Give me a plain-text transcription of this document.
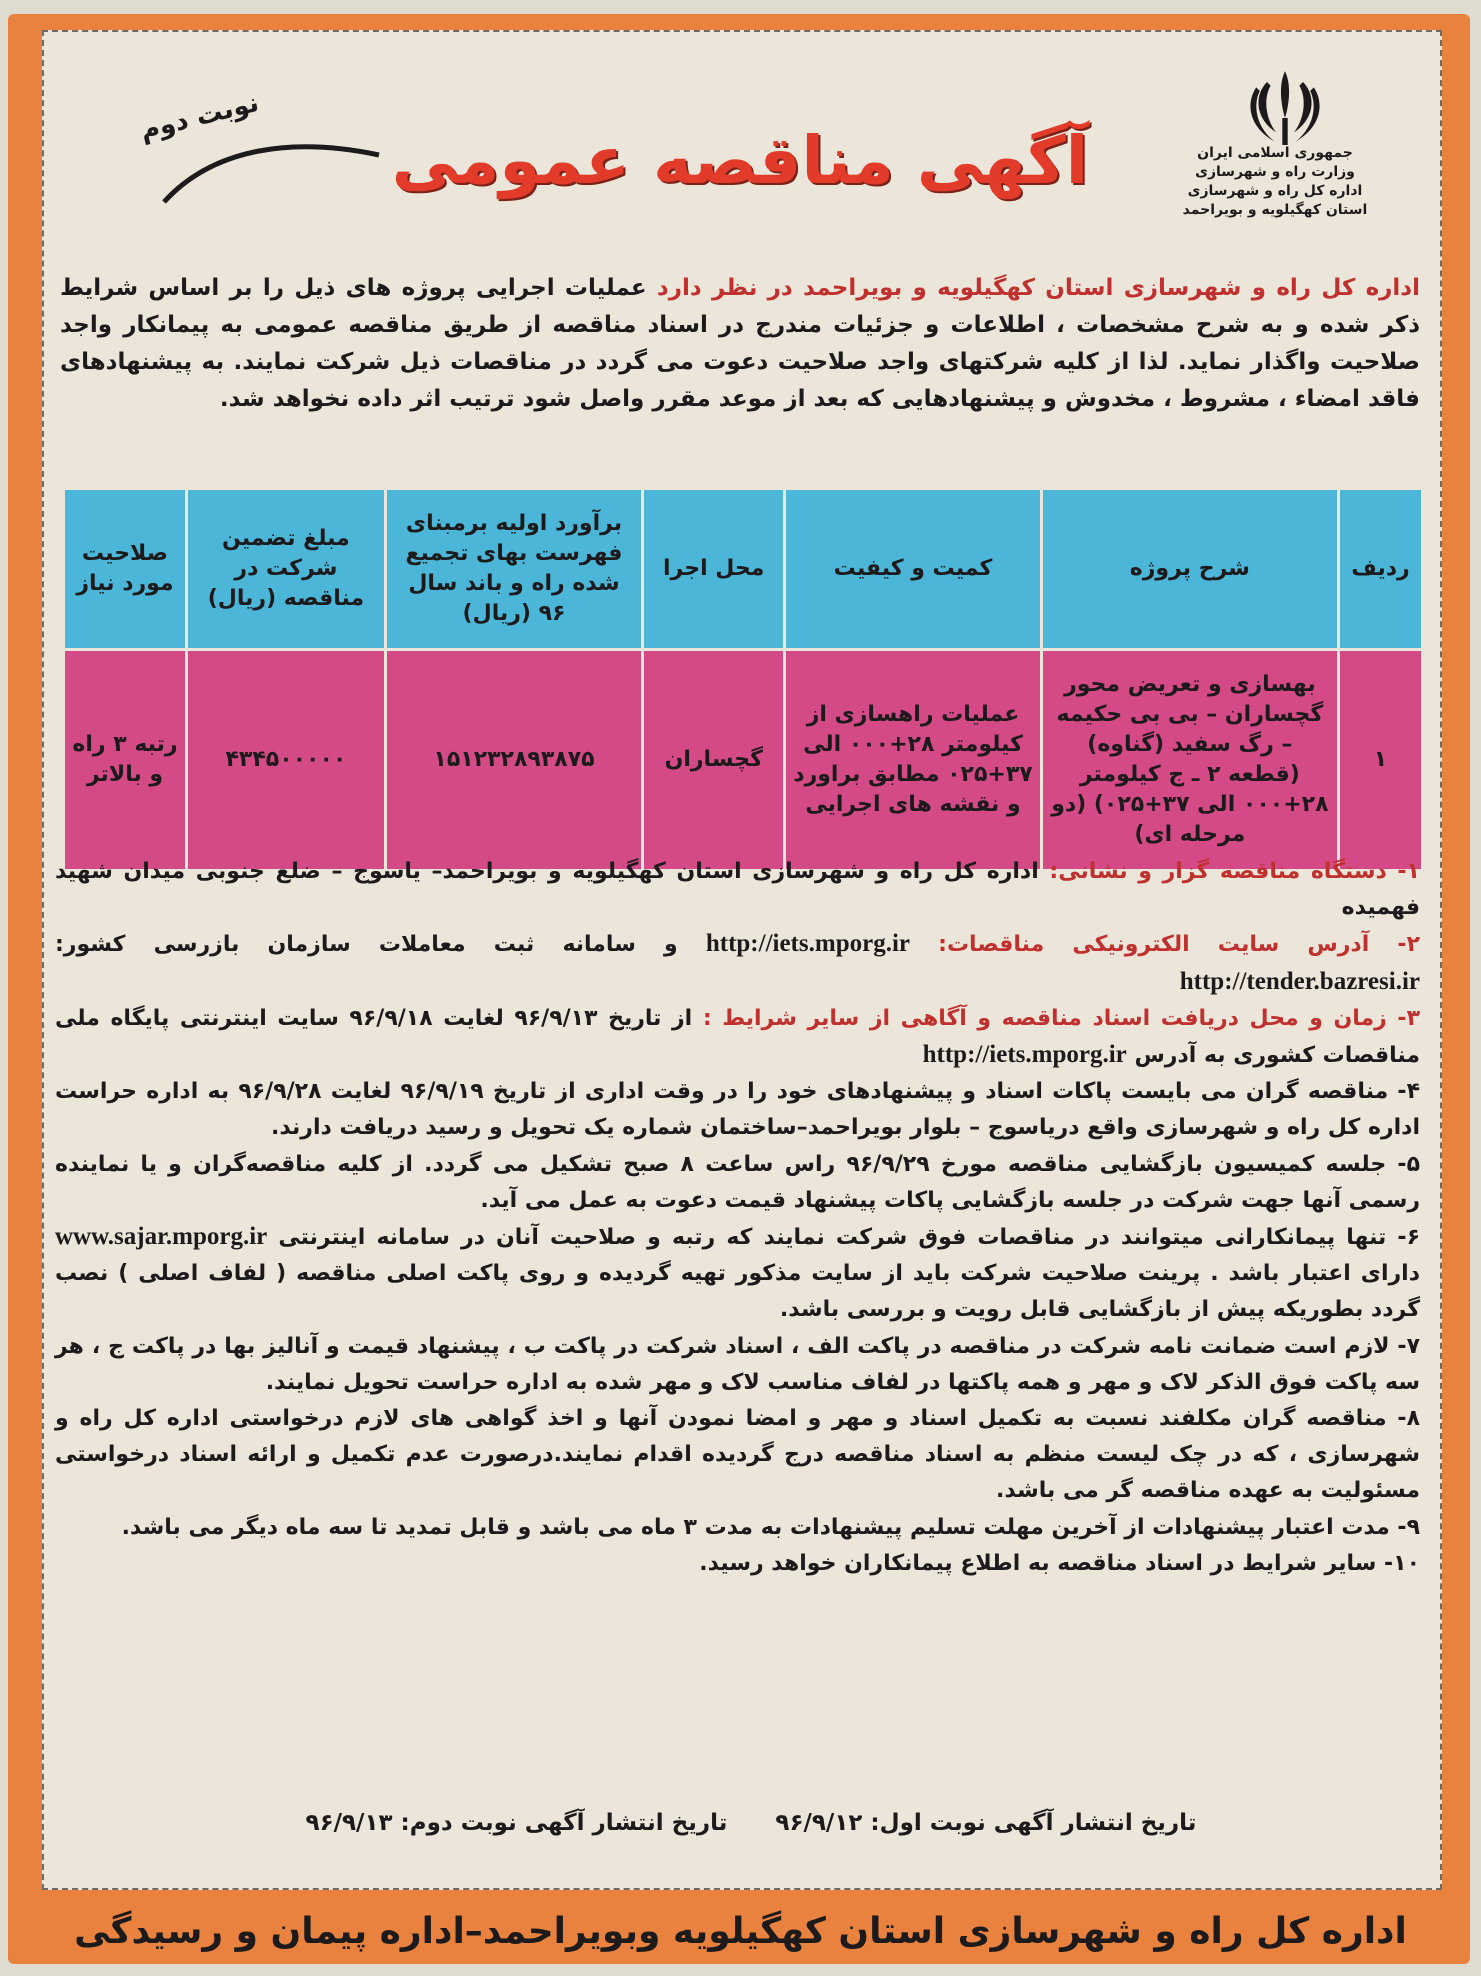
جمهوری اسلامی ایران
وزارت راه و شهرسازی
اداره کل راه و شهرسازی
استان کهگیلویه و بویراحمد
آگهی مناقصه عمومی
نوبت دوم
اداره کل راه و شهرسازی استان کهگیلویه و بویراحمد در نظر دارد عملیات اجرایی پروژه های ذیل را بر اساس شرایط ذکر شده و به شرح مشخصات ، اطلاعات و جزئیات مندرج در اسناد مناقصه از طریق مناقصه عمومی به پیمانکار واجد صلاحیت واگذار نماید. لذا از کلیه شرکتهای واجد صلاحیت دعوت می گردد در مناقصات ذیل شرکت نمایند. به پیشنهادهای فاقد امضاء ، مشروط ، مخدوش و پیشنهادهایی که بعد از موعد مقرر واصل شود ترتیب اثر داده نخواهد شد.
ردیف	شرح پروژه	کمیت و کیفیت	محل اجرا	برآورد اولیه برمبنای فهرست بهای تجمیع شده راه و باند سال ۹۶ (ریال)	مبلغ تضمین شرکت در مناقصه (ریال)	صلاحیت مورد نیاز
۱	بهسازی و تعریض محور گچساران – بی بی حکیمه – رگ سفید (گناوه) (قطعه ۲ ـ ج کیلومتر ۲۸+۰۰۰ الی ۳۷+۰۲۵) (دو مرحله ای)	عملیات راهسازی از کیلومتر ۲۸+۰۰۰ الی ۳۷+۰۲۵ مطابق براورد و نقشه های اجرایی	گچساران	۱۵۱۲۳۲۸۹۳۸۷۵	۴۳۴۵۰۰۰۰۰	رتبه ۳ راه و بالاتر

۱- دستگاه مناقصه گزار و نشانی: اداره کل راه و شهرسازی استان کهگیلویه و بویراحمد– یاسوج – ضلع جنوبی میدان شهید فهمیده

۲- آدرس سایت الکترونیکی مناقصات: http://iets.mporg.ir و سامانه ثبت معاملات سازمان بازرسی کشور: http://tender.bazresi.ir

۳- زمان و محل دریافت اسناد مناقصه و آگاهی از سایر شرایط : از تاریخ ۹۶/۹/۱۳ لغایت ۹۶/۹/۱۸ سایت اینترنتی پایگاه ملی مناقصات کشوری به آدرس http://iets.mporg.ir

۴- مناقصه گران می بایست پاکات اسناد و پیشنهادهای خود را در وقت اداری از تاریخ ۹۶/۹/۱۹ لغایت ۹۶/۹/۲۸ به اداره حراست اداره کل راه و شهرسازی واقع دریاسوج – بلوار بویراحمد–ساختمان شماره یک تحویل و رسید دریافت دارند.

۵- جلسه کمیسیون بازگشایی مناقصه مورخ ۹۶/۹/۲۹ راس ساعت ۸ صبح تشکیل می گردد. از کلیه مناقصه‌گران و یا نماینده رسمی آنها جهت شرکت در جلسه بازگشایی پاکات پیشنهاد قیمت دعوت به عمل می آید.

۶- تنها پیمانکارانی میتوانند در مناقصات فوق شرکت نمایند که رتبه و صلاحیت آنان در سامانه اینترنتی www.sajar.mporg.ir دارای اعتبار باشد . پرینت صلاحیت شرکت باید از سایت مذکور تهیه گردیده و روی پاکت اصلی مناقصه ( لفاف اصلی ) نصب گردد بطوریکه پیش از بازگشایی قابل رویت و بررسی باشد.

۷- لازم است ضمانت نامه شرکت در مناقصه در پاکت الف ، اسناد شرکت در پاکت ب ، پیشنهاد قیمت و آنالیز بها در پاکت ج ، هر سه پاکت فوق الذکر لاک و مهر و همه پاکتها در لفاف مناسب لاک و مهر شده به اداره حراست تحویل نمایند.

۸- مناقصه گران مکلفند نسبت به تکمیل اسناد و مهر و امضا نمودن آنها و اخذ گواهی های لازم درخواستی اداره کل راه و شهرسازی ، که در چک لیست منظم به اسناد مناقصه درج گردیده اقدام نمایند.درصورت عدم تکمیل و ارائه اسناد درخواستی مسئولیت به عهده مناقصه گر می باشد.

۹- مدت اعتبار پیشنهادات از آخرین مهلت تسلیم پیشنهادات به مدت ۳ ماه می باشد و قابل تمدید تا سه ماه دیگر می باشد.

۱۰- سایر شرایط در اسناد مناقصه به اطلاع پیمانکاران خواهد رسید.

تاریخ انتشار آگهی نوبت اول: ۹۶/۹/۱۲ تاریخ انتشار آگهی نوبت دوم: ۹۶/۹/۱۳
اداره کل راه و شهرسازی استان کهگیلویه وبویراحمد–اداره پیمان و رسیدگی
